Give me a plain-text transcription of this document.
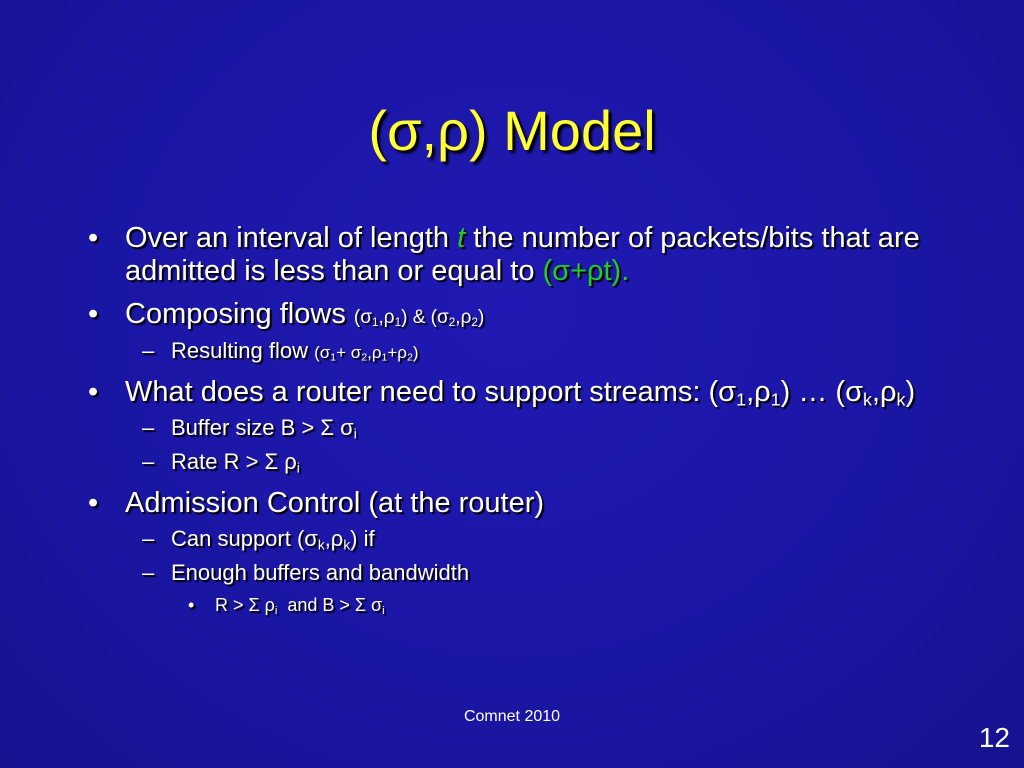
(σ,ρ) Model
• Over an interval of length t the number of packets/bits that are admitted is less than or equal to (σ+ρt).
• Composing flows $(\sigma_1,\rho_1)$ & $(\sigma_2,\rho_2)$
– Resulting flow $(\sigma_1+ \sigma_2,\rho_1+\rho_2)$
• What does a router need to support streams: $(\sigma_1,\rho_1)$ … $(\sigma_k,\rho_k)$
– Buffer size B > Σ $\sigma_i$
– Rate R > Σ $\rho_i$
• Admission Control (at the router)
– Can support $(\sigma_k,\rho_k)$ if
– Enough buffers and bandwidth
• R > Σ $\rho_i$  and B > Σ $\sigma_i$
Comnet 2010
12
